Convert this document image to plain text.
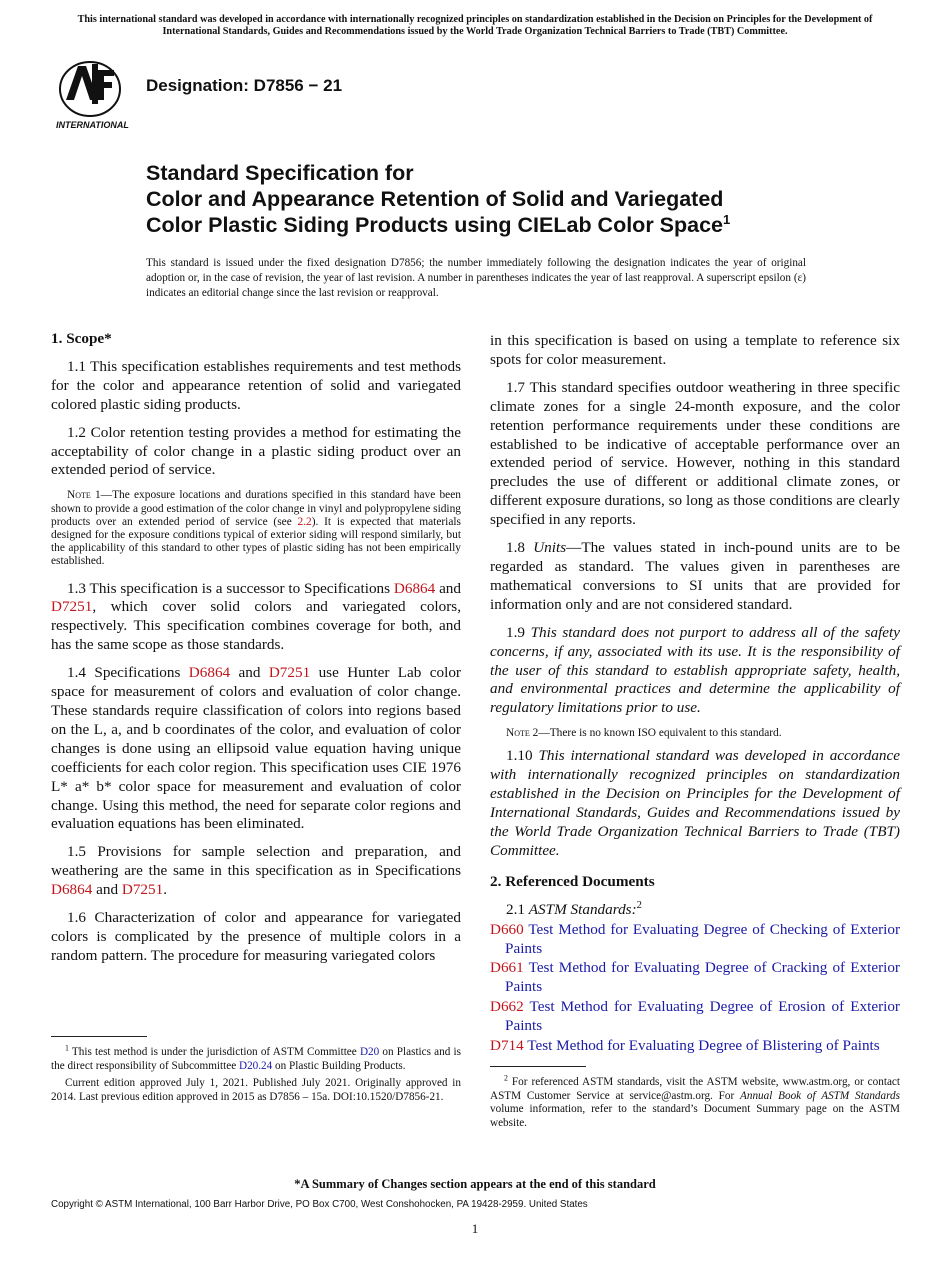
This international standard was developed in accordance with internationally recognized principles on standardization established in the Decision on Principles for the Development of International Standards, Guides and Recommendations issued by the World Trade Organization Technical Barriers to Trade (TBT) Committee.
INTERNATIONAL
Designation: D7856 − 21
Standard Specification for
Color and Appearance Retention of Solid and Variegated
Color Plastic Siding Products using CIELab Color Space$^1$
This standard is issued under the fixed designation D7856; the number immediately following the designation indicates the year of original adoption or, in the case of revision, the year of last revision. A number in parentheses indicates the year of last reapproval. A superscript epsilon (ε) indicates an editorial change since the last revision or reapproval.
1. Scope*

1.1 This specification establishes requirements and test methods for the color and appearance retention of solid and variegated colored plastic siding products.

1.2 Color retention testing provides a method for estimating the acceptability of color change in a plastic siding product over an extended period of service.

Note 1—The exposure locations and durations specified in this standard have been shown to provide a good estimation of the color change in vinyl and polypropylene siding products over an extended period of service (see 2.2). It is expected that materials designed for the exposure conditions typical of exterior siding will respond similarly, but the applicability of this standard to other types of plastic siding has not been empirically established.

1.3 This specification is a successor to Specifications D6864 and D7251, which cover solid colors and variegated colors, respectively. This specification combines coverage for both, and has the same scope as those standards.

1.4 Specifications D6864 and D7251 use Hunter Lab color space for measurement of colors and evaluation of color change. These standards require classification of colors into regions based on the L, a, and b coordinates of the color, and evaluation of color changes is done using an ellipsoid value equation having unique coefficients for each color region. This specification uses CIE 1976 L* a* b* color space for measurement and evaluation of color change. Using this method, the need for separate color regions and evaluation equations has been eliminated.

1.5 Provisions for sample selection and preparation, and weathering are the same in this specification as in Specifications D6864 and D7251.

1.6 Characterization of color and appearance for variegated colors is complicated by the presence of multiple colors in a random pattern. The procedure for measuring variegated colors

$^1$ This test method is under the jurisdiction of ASTM Committee D20 on Plastics and is the direct responsibility of Subcommittee D20.24 on Plastic Building Products.

Current edition approved July 1, 2021. Published July 2021. Originally approved in 2014. Last previous edition approved in 2015 as D7856 – 15a. DOI:10.1520/D7856-21.

in this specification is based on using a template to reference six spots for color measurement.

1.7 This standard specifies outdoor weathering in three specific climate zones for a single 24-month exposure, and the color retention performance requirements under these conditions are established to be indicative of acceptable performance over an extended period of service. However, nothing in this standard precludes the use of different or additional climate zones, or different exposure durations, so long as those conditions are clearly specified in any reports.

1.8 Units—The values stated in inch-pound units are to be regarded as standard. The values given in parentheses are mathematical conversions to SI units that are provided for information only and are not considered standard.

1.9 This standard does not purport to address all of the safety concerns, if any, associated with its use. It is the responsibility of the user of this standard to establish appropriate safety, health, and environmental practices and determine the applicability of regulatory limitations prior to use.

Note 2—There is no known ISO equivalent to this standard.

1.10 This international standard was developed in accordance with internationally recognized principles on standardization established in the Decision on Principles for the Development of International Standards, Guides and Recommendations issued by the World Trade Organization Technical Barriers to Trade (TBT) Committee.

2. Referenced Documents

2.1 ASTM Standards:$^2$

D660 Test Method for Evaluating Degree of Checking of Exterior Paints
D661 Test Method for Evaluating Degree of Cracking of Exterior Paints
D662 Test Method for Evaluating Degree of Erosion of Exterior Paints
D714 Test Method for Evaluating Degree of Blistering of Paints

$^2$ For referenced ASTM standards, visit the ASTM website, www.astm.org, or contact ASTM Customer Service at service@astm.org. For Annual Book of ASTM Standards volume information, refer to the standard’s Document Summary page on the ASTM website.

*A Summary of Changes section appears at the end of this standard
Copyright © ASTM International, 100 Barr Harbor Drive, PO Box C700, West Conshohocken, PA 19428-2959. United States
1
